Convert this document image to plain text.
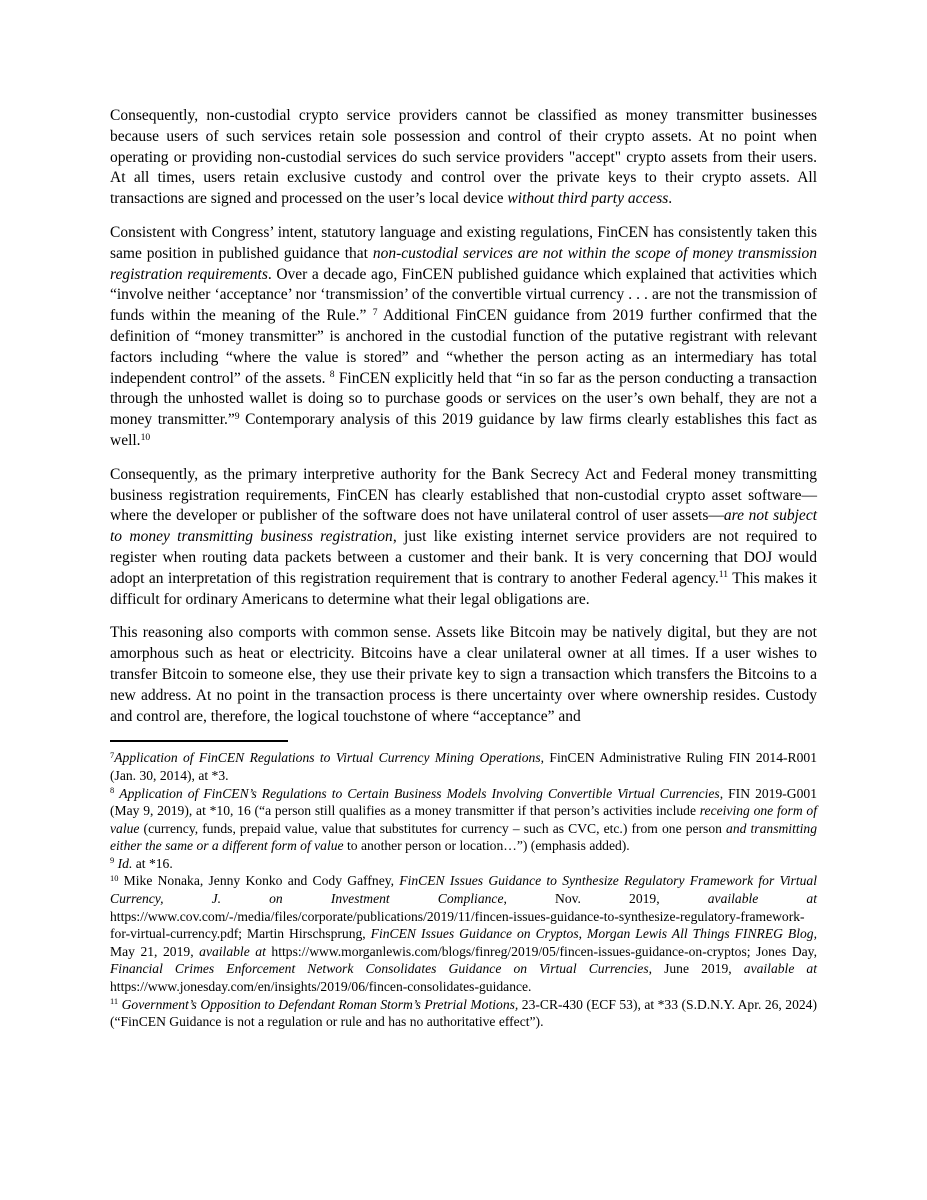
Consequently, non-custodial crypto service providers cannot be classified as money transmitter businesses because users of such services retain sole possession and control of their crypto assets. At no point when operating or providing non-custodial services do such service providers "accept" crypto assets from their users. At all times, users retain exclusive custody and control over the private keys to their crypto assets. All transactions are signed and processed on the user’s local device without third party access.

Consistent with Congress’ intent, statutory language and existing regulations, FinCEN has consistently taken this same position in published guidance that non-custodial services are not within the scope of money transmission registration requirements. Over a decade ago, FinCEN published guidance which explained that activities which “involve neither ‘acceptance’ nor ‘transmission’ of the convertible virtual currency . . . are not the transmission of funds within the meaning of the Rule.” $^7$ Additional FinCEN guidance from 2019 further confirmed that the definition of “money transmitter” is anchored in the custodial function of the putative registrant with relevant factors including “where the value is stored” and “whether the person acting as an intermediary has total independent control” of the assets. $^8$ FinCEN explicitly held that “in so far as the person conducting a transaction through the unhosted wallet is doing so to purchase goods or services on the user’s own behalf, they are not a money transmitter.”$^9$ Contemporary analysis of this 2019 guidance by law firms clearly establishes this fact as well.$^{10}$

Consequently, as the primary interpretive authority for the Bank Secrecy Act and Federal money transmitting business registration requirements, FinCEN has clearly established that non-custodial crypto asset software—where the developer or publisher of the software does not have unilateral control of user assets—are not subject to money transmitting business registration, just like existing internet service providers are not required to register when routing data packets between a customer and their bank. It is very concerning that DOJ would adopt an interpretation of this registration requirement that is contrary to another Federal agency.$^{11}$ This makes it difficult for ordinary Americans to determine what their legal obligations are.

This reasoning also comports with common sense. Assets like Bitcoin may be natively digital, but they are not amorphous such as heat or electricity. Bitcoins have a clear unilateral owner at all times. If a user wishes to transfer Bitcoin to someone else, they use their private key to sign a transaction which transfers the Bitcoins to a new address. At no point in the transaction process is there uncertainty over where ownership resides. Custody and control are, therefore, the logical touchstone of where “acceptance” and

$^7$Application of FinCEN Regulations to Virtual Currency Mining Operations, FinCEN Administrative Ruling FIN 2014-R001 (Jan. 30, 2014), at *3.

$^8$ Application of FinCEN’s Regulations to Certain Business Models Involving Convertible Virtual Currencies, FIN 2019-G001 (May 9, 2019), at *10, 16 (“a person still qualifies as a money transmitter if that person’s activities include receiving one form of value (currency, funds, prepaid value, value that substitutes for currency – such as CVC, etc.) from one person and transmitting either the same or a different form of value to another person or location…”) (emphasis added).

$^9$ Id. at *16.

$^{10}$ Mike Nonaka, Jenny Konko and Cody Gaffney, FinCEN Issues Guidance to Synthesize Regulatory Framework for Virtual Currency, J. on Investment Compliance, Nov. 2019, available at https://www.cov.com/-/media/files/corporate/publications/2019/11/fincen-issues-guidance-to-synthesize-regulatory-framework-for-virtual-currency.pdf; Martin Hirschsprung, FinCEN Issues Guidance on Cryptos, Morgan Lewis All Things FINREG Blog, May 21, 2019, available at https://www.morganlewis.com/blogs/finreg/2019/05/fincen-issues-guidance-on-cryptos; Jones Day, Financial Crimes Enforcement Network Consolidates Guidance on Virtual Currencies, June 2019, available at https://www.jonesday.com/en/insights/2019/06/fincen-consolidates-guidance.

$^{11}$ Government’s Opposition to Defendant Roman Storm’s Pretrial Motions, 23-CR-430 (ECF 53), at *33 (S.D.N.Y. Apr. 26, 2024) (“FinCEN Guidance is not a regulation or rule and has no authoritative effect”).
